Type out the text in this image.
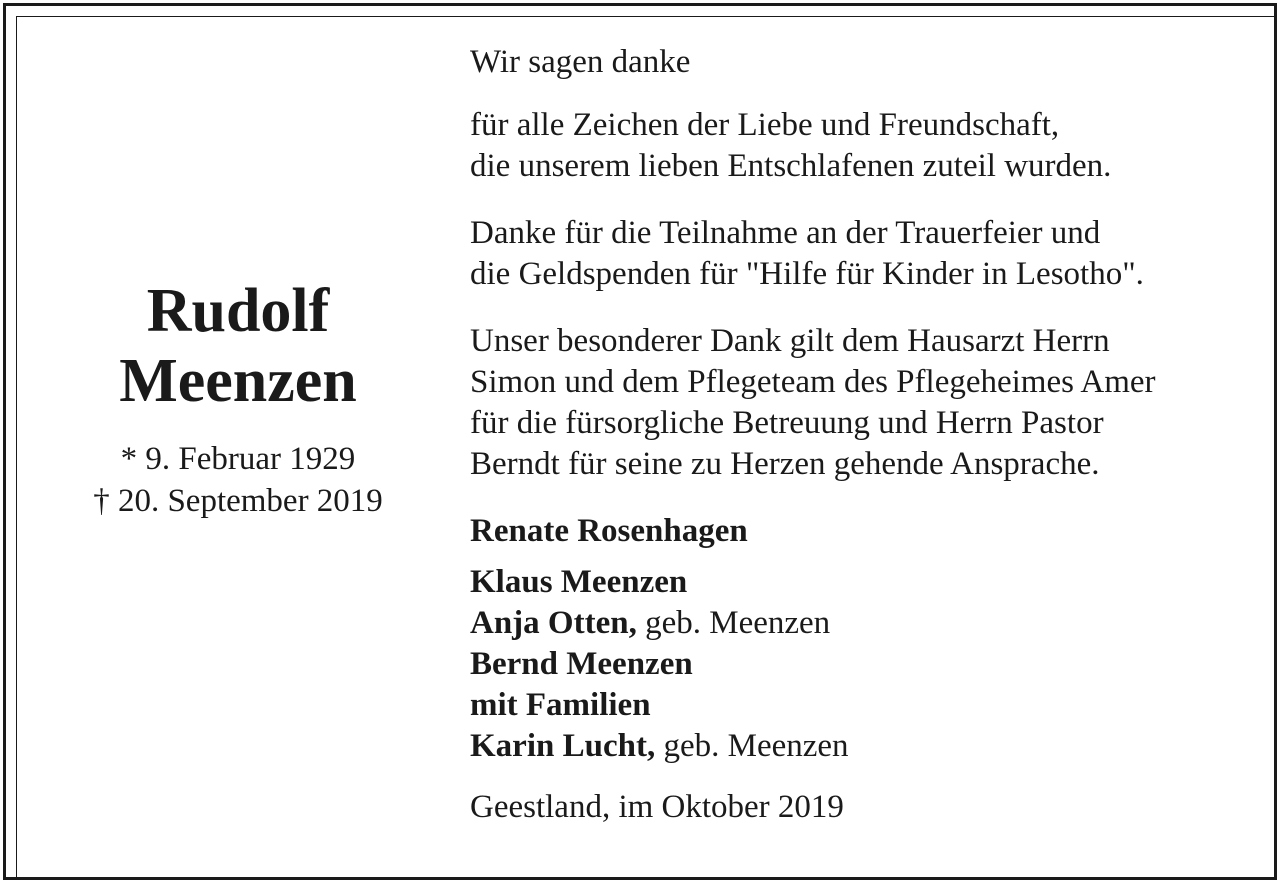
Rudolf
Meenzen
* 9. Februar 1929
† 20. September 2019
Wir sagen danke
für alle Zeichen der Liebe und Freundschaft,
die unserem lieben Entschlafenen zuteil wurden.
Danke für die Teilnahme an der Trauerfeier und
die Geldspenden für "Hilfe für Kinder in Lesotho".
Unser besonderer Dank gilt dem Hausarzt Herrn
Simon und dem Pflegeteam des Pflegeheimes Amer
für die fürsorgliche Betreuung und Herrn Pastor
Berndt für seine zu Herzen gehende Ansprache.
Renate Rosenhagen
Klaus Meenzen
Anja Otten, geb. Meenzen
Bernd Meenzen
mit Familien
Karin Lucht, geb. Meenzen
Geestland, im Oktober 2019
